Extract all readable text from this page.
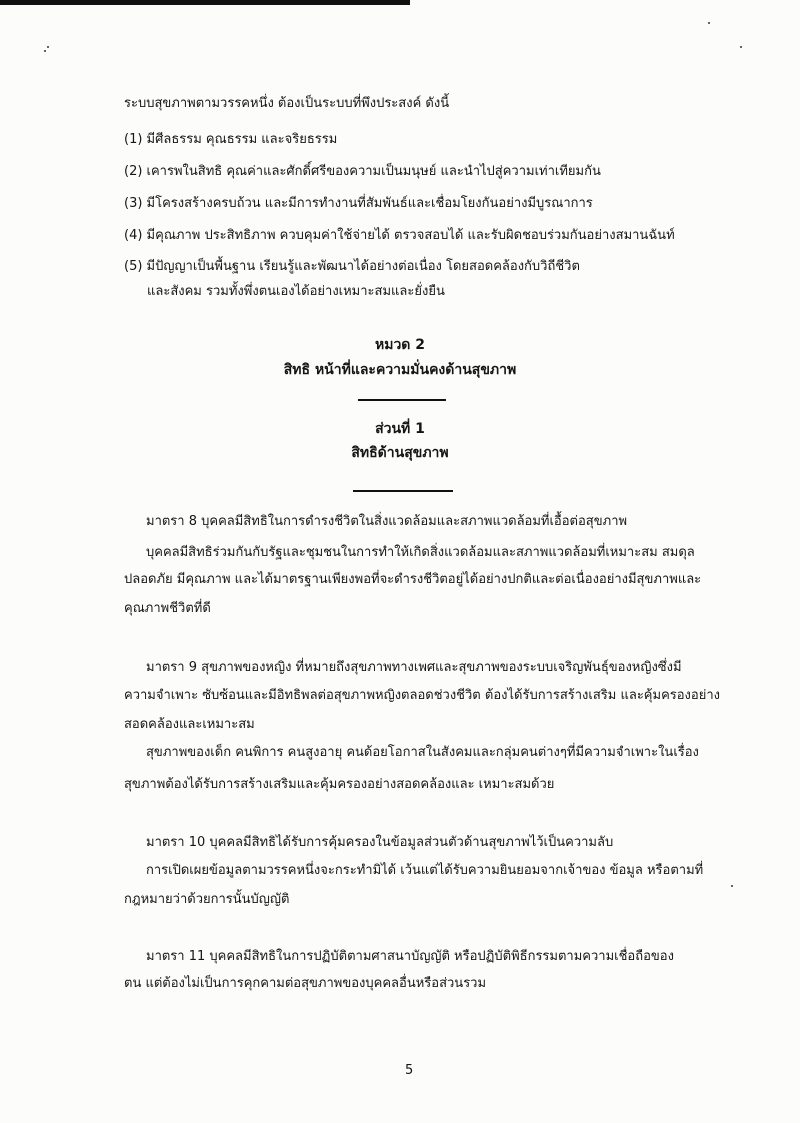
ระบบสุขภาพตามวรรคหนึ่ง ต้องเป็นระบบที่พึงประสงค์ ดังนี้
(1) มีศีลธรรม คุณธรรม และจริยธรรม
(2) เคารพในสิทธิ คุณค่าและศักดิ์ศรีของความเป็นมนุษย์ และนำไปสู่ความเท่าเทียมกัน
(3) มีโครงสร้างครบถ้วน และมีการทำงานที่สัมพันธ์และเชื่อมโยงกันอย่างมีบูรณาการ
(4) มีคุณภาพ ประสิทธิภาพ ควบคุมค่าใช้จ่ายได้ ตรวจสอบได้ และรับผิดชอบร่วมกันอย่างสมานฉันท์
(5) มีปัญญาเป็นพื้นฐาน เรียนรู้และพัฒนาได้อย่างต่อเนื่อง โดยสอดคล้องกับวิถีชีวิต
และสังคม รวมทั้งพึ่งตนเองได้อย่างเหมาะสมและยั่งยืน
หมวด 2
สิทธิ หน้าที่และความมั่นคงด้านสุขภาพ
ส่วนที่ 1
สิทธิด้านสุขภาพ
มาตรา 8 บุคคลมีสิทธิในการดำรงชีวิตในสิ่งแวดล้อมและสภาพแวดล้อมที่เอื้อต่อสุขภาพ
บุคคลมีสิทธิร่วมกันกับรัฐและชุมชนในการทำให้เกิดสิ่งแวดล้อมและสภาพแวดล้อมที่เหมาะสม สมดุล
ปลอดภัย มีคุณภาพ และได้มาตรฐานเพียงพอที่จะดำรงชีวิตอยู่ได้อย่างปกติและต่อเนื่องอย่างมีสุขภาพและ
คุณภาพชีวิตที่ดี
มาตรา 9 สุขภาพของหญิง ที่หมายถึงสุขภาพทางเพศและสุขภาพของระบบเจริญพันธุ์ของหญิงซึ่งมี
ความจำเพาะ ซับซ้อนและมีอิทธิพลต่อสุขภาพหญิงตลอดช่วงชีวิต ต้องได้รับการสร้างเสริม และคุ้มครองอย่าง
สอดคล้องและเหมาะสม
สุขภาพของเด็ก คนพิการ คนสูงอายุ คนด้อยโอกาสในสังคมและกลุ่มคนต่างๆที่มีความจำเพาะในเรื่อง
สุขภาพต้องได้รับการสร้างเสริมและคุ้มครองอย่างสอดคล้องและ เหมาะสมด้วย
มาตรา 10 บุคคลมีสิทธิได้รับการคุ้มครองในข้อมูลส่วนตัวด้านสุขภาพไว้เป็นความลับ
การเปิดเผยข้อมูลตามวรรคหนึ่งจะกระทำมิได้ เว้นแต่ได้รับความยินยอมจากเจ้าของ ข้อมูล หรือตามที่
กฎหมายว่าด้วยการนั้นบัญญัติ
มาตรา 11 บุคคลมีสิทธิในการปฏิบัติตามศาสนาบัญญัติ หรือปฏิบัติพิธีกรรมตามความเชื่อถือของ
ตน แต่ต้องไม่เป็นการคุกคามต่อสุขภาพของบุคคลอื่นหรือส่วนรวม
5
